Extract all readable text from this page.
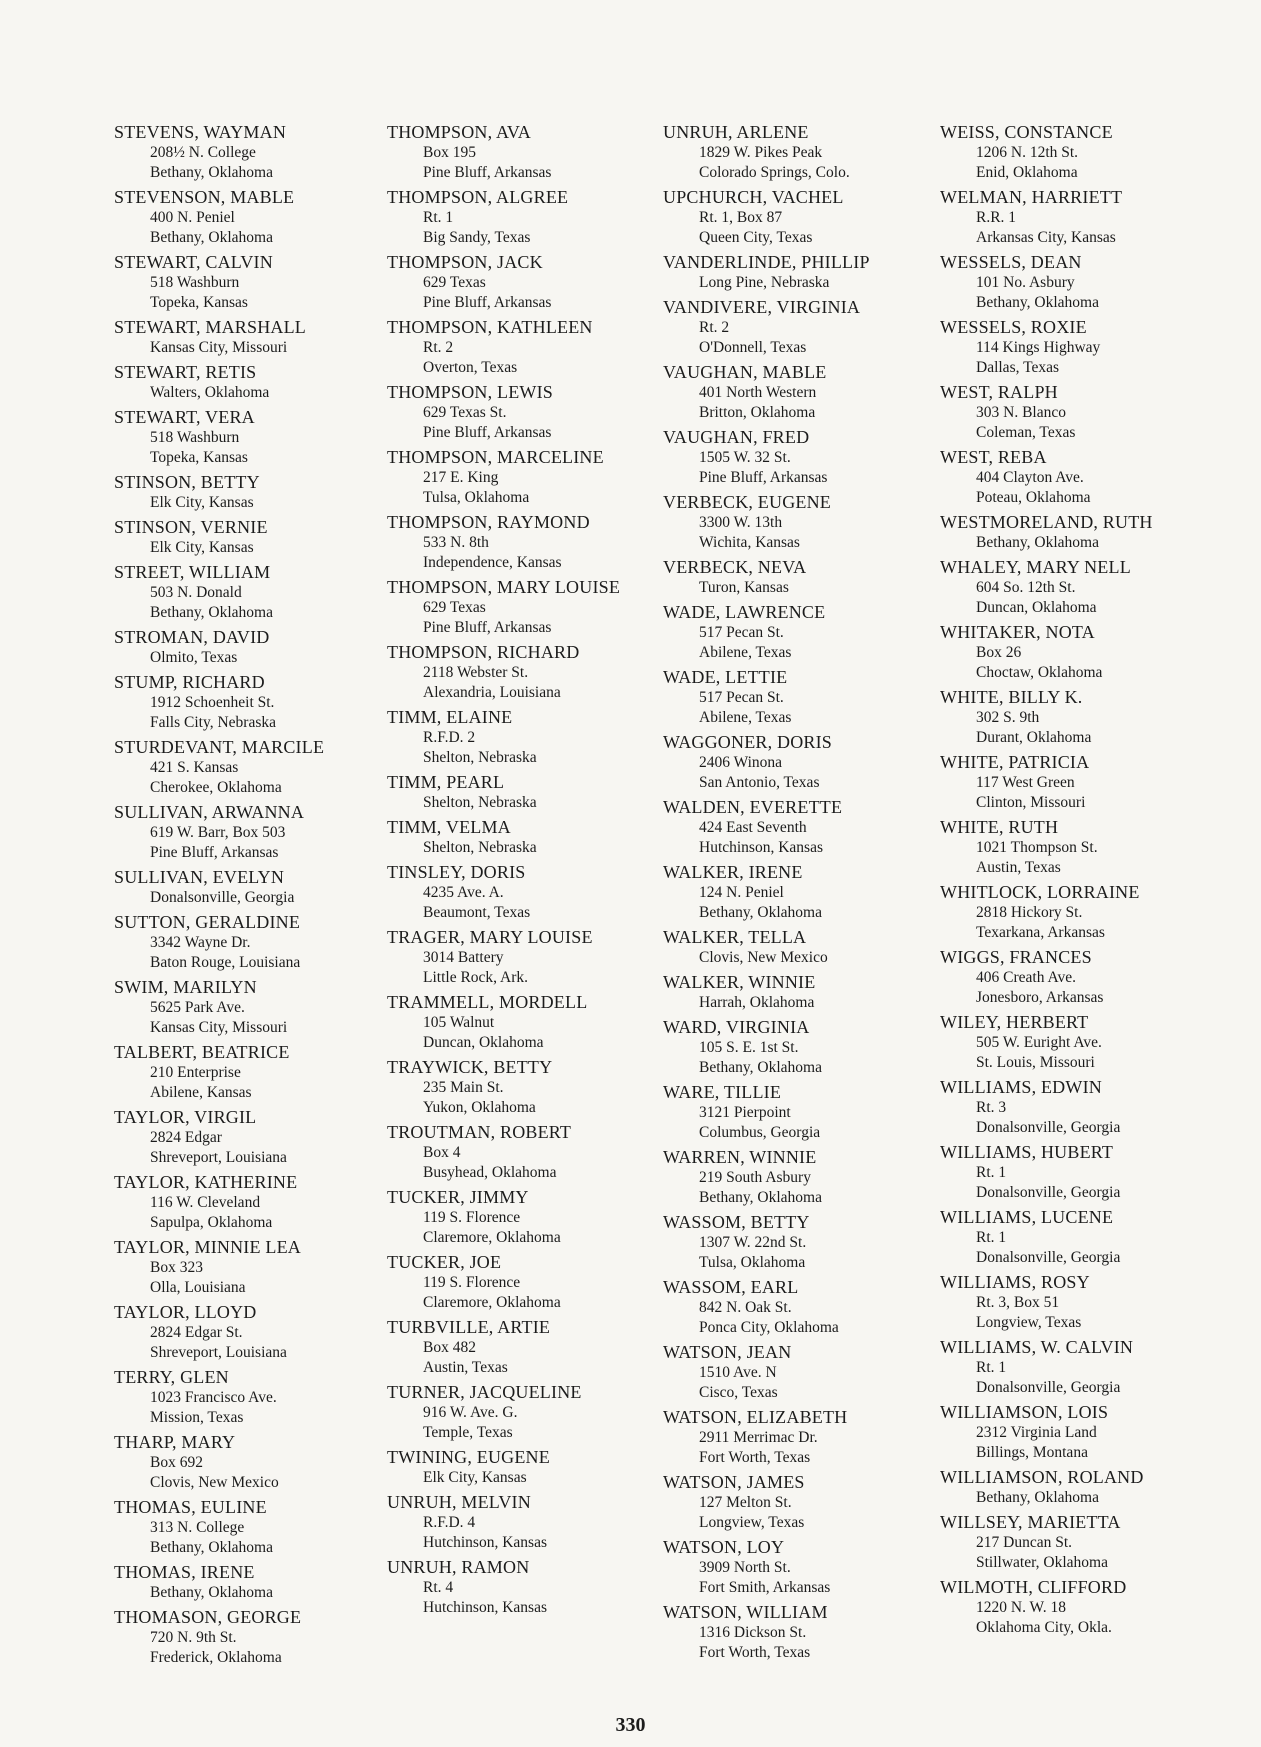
STEVENS, WAYMAN
208½ N. College
Bethany, Oklahoma
STEVENSON, MABLE
400 N. Peniel
Bethany, Oklahoma
STEWART, CALVIN
518 Washburn
Topeka, Kansas
STEWART, MARSHALL
Kansas City, Missouri
STEWART, RETIS
Walters, Oklahoma
STEWART, VERA
518 Washburn
Topeka, Kansas
STINSON, BETTY
Elk City, Kansas
STINSON, VERNIE
Elk City, Kansas
STREET, WILLIAM
503 N. Donald
Bethany, Oklahoma
STROMAN, DAVID
Olmito, Texas
STUMP, RICHARD
1912 Schoenheit St.
Falls City, Nebraska
STURDEVANT, MARCILE
421 S. Kansas
Cherokee, Oklahoma
SULLIVAN, ARWANNA
619 W. Barr, Box 503
Pine Bluff, Arkansas
SULLIVAN, EVELYN
Donalsonville, Georgia
SUTTON, GERALDINE
3342 Wayne Dr.
Baton Rouge, Louisiana
SWIM, MARILYN
5625 Park Ave.
Kansas City, Missouri
TALBERT, BEATRICE
210 Enterprise
Abilene, Kansas
TAYLOR, VIRGIL
2824 Edgar
Shreveport, Louisiana
TAYLOR, KATHERINE
116 W. Cleveland
Sapulpa, Oklahoma
TAYLOR, MINNIE LEA
Box 323
Olla, Louisiana
TAYLOR, LLOYD
2824 Edgar St.
Shreveport, Louisiana
TERRY, GLEN
1023 Francisco Ave.
Mission, Texas
THARP, MARY
Box 692
Clovis, New Mexico
THOMAS, EULINE
313 N. College
Bethany, Oklahoma
THOMAS, IRENE
Bethany, Oklahoma
THOMASON, GEORGE
720 N. 9th St.
Frederick, Oklahoma
THOMPSON, AVA
Box 195
Pine Bluff, Arkansas
THOMPSON, ALGREE
Rt. 1
Big Sandy, Texas
THOMPSON, JACK
629 Texas
Pine Bluff, Arkansas
THOMPSON, KATHLEEN
Rt. 2
Overton, Texas
THOMPSON, LEWIS
629 Texas St.
Pine Bluff, Arkansas
THOMPSON, MARCELINE
217 E. King
Tulsa, Oklahoma
THOMPSON, RAYMOND
533 N. 8th
Independence, Kansas
THOMPSON, MARY LOUISE
629 Texas
Pine Bluff, Arkansas
THOMPSON, RICHARD
2118 Webster St.
Alexandria, Louisiana
TIMM, ELAINE
R.F.D. 2
Shelton, Nebraska
TIMM, PEARL
Shelton, Nebraska
TIMM, VELMA
Shelton, Nebraska
TINSLEY, DORIS
4235 Ave. A.
Beaumont, Texas
TRAGER, MARY LOUISE
3014 Battery
Little Rock, Ark.
TRAMMELL, MORDELL
105 Walnut
Duncan, Oklahoma
TRAYWICK, BETTY
235 Main St.
Yukon, Oklahoma
TROUTMAN, ROBERT
Box 4
Busyhead, Oklahoma
TUCKER, JIMMY
119 S. Florence
Claremore, Oklahoma
TUCKER, JOE
119 S. Florence
Claremore, Oklahoma
TURBVILLE, ARTIE
Box 482
Austin, Texas
TURNER, JACQUELINE
916 W. Ave. G.
Temple, Texas
TWINING, EUGENE
Elk City, Kansas
UNRUH, MELVIN
R.F.D. 4
Hutchinson, Kansas
UNRUH, RAMON
Rt. 4
Hutchinson, Kansas
UNRUH, ARLENE
1829 W. Pikes Peak
Colorado Springs, Colo.
UPCHURCH, VACHEL
Rt. 1, Box 87
Queen City, Texas
VANDERLINDE, PHILLIP
Long Pine, Nebraska
VANDIVERE, VIRGINIA
Rt. 2
O'Donnell, Texas
VAUGHAN, MABLE
401 North Western
Britton, Oklahoma
VAUGHAN, FRED
1505 W. 32 St.
Pine Bluff, Arkansas
VERBECK, EUGENE
3300 W. 13th
Wichita, Kansas
VERBECK, NEVA
Turon, Kansas
WADE, LAWRENCE
517 Pecan St.
Abilene, Texas
WADE, LETTIE
517 Pecan St.
Abilene, Texas
WAGGONER, DORIS
2406 Winona
San Antonio, Texas
WALDEN, EVERETTE
424 East Seventh
Hutchinson, Kansas
WALKER, IRENE
124 N. Peniel
Bethany, Oklahoma
WALKER, TELLA
Clovis, New Mexico
WALKER, WINNIE
Harrah, Oklahoma
WARD, VIRGINIA
105 S. E. 1st St.
Bethany, Oklahoma
WARE, TILLIE
3121 Pierpoint
Columbus, Georgia
WARREN, WINNIE
219 South Asbury
Bethany, Oklahoma
WASSOM, BETTY
1307 W. 22nd St.
Tulsa, Oklahoma
WASSOM, EARL
842 N. Oak St.
Ponca City, Oklahoma
WATSON, JEAN
1510 Ave. N
Cisco, Texas
WATSON, ELIZABETH
2911 Merrimac Dr.
Fort Worth, Texas
WATSON, JAMES
127 Melton St.
Longview, Texas
WATSON, LOY
3909 North St.
Fort Smith, Arkansas
WATSON, WILLIAM
1316 Dickson St.
Fort Worth, Texas
WEISS, CONSTANCE
1206 N. 12th St.
Enid, Oklahoma
WELMAN, HARRIETT
R.R. 1
Arkansas City, Kansas
WESSELS, DEAN
101 No. Asbury
Bethany, Oklahoma
WESSELS, ROXIE
114 Kings Highway
Dallas, Texas
WEST, RALPH
303 N. Blanco
Coleman, Texas
WEST, REBA
404 Clayton Ave.
Poteau, Oklahoma
WESTMORELAND, RUTH
Bethany, Oklahoma
WHALEY, MARY NELL
604 So. 12th St.
Duncan, Oklahoma
WHITAKER, NOTA
Box 26
Choctaw, Oklahoma
WHITE, BILLY K.
302 S. 9th
Durant, Oklahoma
WHITE, PATRICIA
117 West Green
Clinton, Missouri
WHITE, RUTH
1021 Thompson St.
Austin, Texas
WHITLOCK, LORRAINE
2818 Hickory St.
Texarkana, Arkansas
WIGGS, FRANCES
406 Creath Ave.
Jonesboro, Arkansas
WILEY, HERBERT
505 W. Euright Ave.
St. Louis, Missouri
WILLIAMS, EDWIN
Rt. 3
Donalsonville, Georgia
WILLIAMS, HUBERT
Rt. 1
Donalsonville, Georgia
WILLIAMS, LUCENE
Rt. 1
Donalsonville, Georgia
WILLIAMS, ROSY
Rt. 3, Box 51
Longview, Texas
WILLIAMS, W. CALVIN
Rt. 1
Donalsonville, Georgia
WILLIAMSON, LOIS
2312 Virginia Land
Billings, Montana
WILLIAMSON, ROLAND
Bethany, Oklahoma
WILLSEY, MARIETTA
217 Duncan St.
Stillwater, Oklahoma
WILMOTH, CLIFFORD
1220 N. W. 18
Oklahoma City, Okla.
330
